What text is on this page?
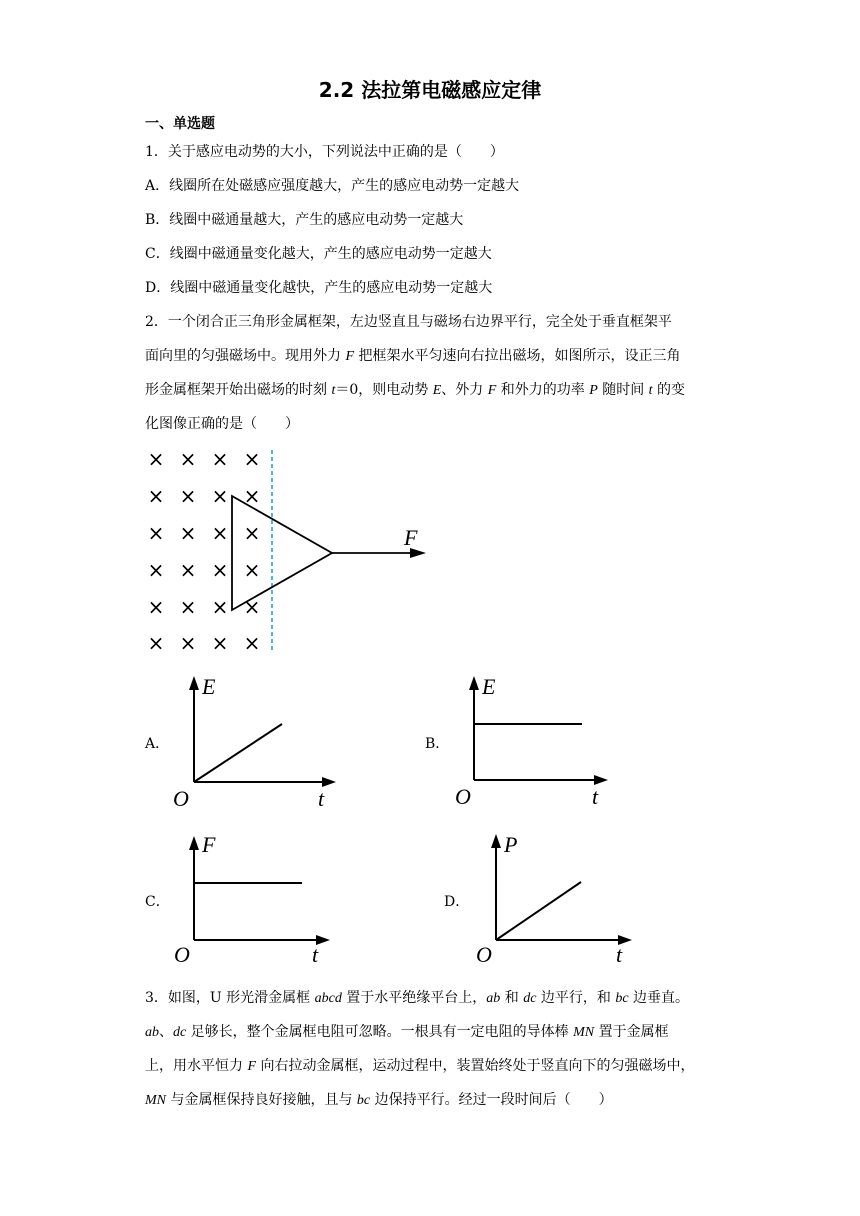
2.2 法拉第电磁感应定律
一、单选题
1．关于感应电动势的大小，下列说法中正确的是（　　）
A．线圈所在处磁感应强度越大，产生的感应电动势一定越大
B．线圈中磁通量越大，产生的感应电动势一定越大
C．线圈中磁通量变化越大，产生的感应电动势一定越大
D．线圈中磁通量变化越快，产生的感应电动势一定越大
2．一个闭合正三角形金属框架，左边竖直且与磁场右边界平行，完全处于垂直框架平
面向里的匀强磁场中。现用外力 F 把框架水平匀速向右拉出磁场，如图所示，设正三角
形金属框架开始出磁场的时刻 t＝0，则电动势 E、外力 F 和外力的功率 P 随时间 t 的变
化图像正确的是（　　）
× × × ×
× × × ×
× × × ×
× × × ×
× × × ×
× × × ×
F
E
t
O
E
t
O
F
t
O
P
t
O
A．	B．
C．	D．
3．如图，U 形光滑金属框 abcd 置于水平绝缘平台上，ab 和 dc 边平行，和 bc 边垂直。
ab、dc 足够长，整个金属框电阻可忽略。一根具有一定电阻的导体棒 MN 置于金属框
上，用水平恒力 F 向右拉动金属框，运动过程中，装置始终处于竖直向下的匀强磁场中，
MN 与金属框保持良好接触，且与 bc 边保持平行。经过一段时间后（　　）
